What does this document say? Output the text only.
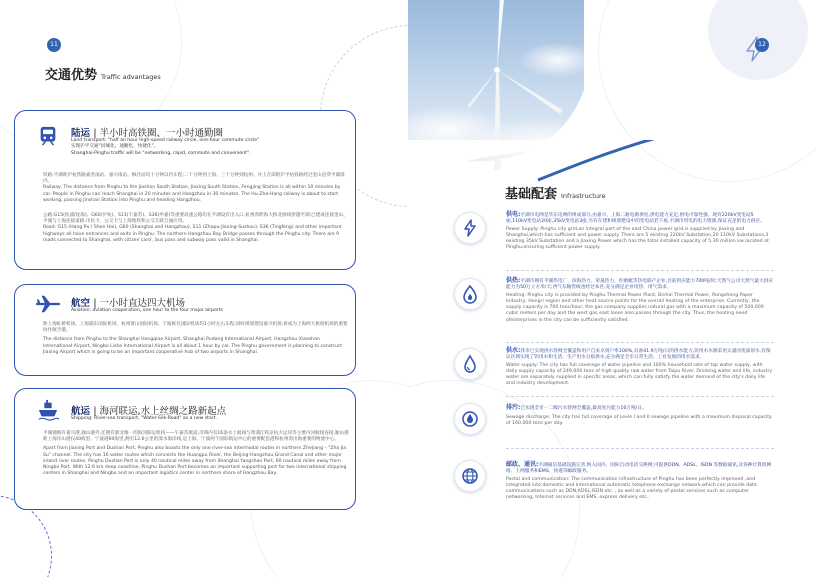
11
交通优势 Traffic advantages
陆运 | 半小时高铁圈、一小时通勤圈
Land transport: "half an hour high-speed railway circle, one-hour commute circle"
实现沪平交通“同城化、通勤化、快捷化”。
Shanghai-Pinghu traffic will be "networking, rapid, commute and convenient".
铁路:平湖距沪杭铁路嘉善南站、嘉兴南站、枫泾站均十分钟以内车程;二十分钟到上海、三十分钟到杭州。并上在即的沪平杭铁路经过金山直穿平湖境内。
Railway: The distance from Pinghu to the Jiashan South Station, Jiaxing South Station, Fengjing Station is all within 10 minutes by car. People in Pinghu can reach Shanghai in 20 minutes and Hangzhou in 30 minutes. The Hu-Zha-Hang railway is about to start working, passing Jinshan Station into Pinghu and heading Hangzhou.
公路:G15(杭浦/沈海)、G60(沪杭)、S11(乍嘉苏)、S36(申嘉)等重要高速公路均在平湖设有出入口,杭州湾跨海大桥北接线穿越平湖;已建成连接金山、平湖与上海连接道路:市民卡、公交卡与上海地铁和公交互联互通应用。
Road: G15 (Hang Pu / Shen Hai), G60 (Shanghai and Hangzhou), S11 (Zhapu-Jiaxing-Suzhou), S36 (Tingfeng) and other important highways all have entrances and exits in Pinghu. The northern Hangzhou Bay Bridge passes through the Pinghu city. There are 9 roads connected to Shanghai, with citizen card , bus pass and subway pass valid in Shanghai.
航空 | 一小时直达四大机场
Aviation: aviation cooperation, one hour to the four major airports
距上海虹桥机场、上海浦东国际机场、杭州萧山国际机场、宁波栎社国际机场均1小时左右车程;同时规划建设嘉兴机场,将成为上海两大枢纽机场的重要协作航空港。
The distance from Pinghu to the Shanghai Hongqiao Airport, Shanghai Pudong International Airport, Hangzhou Xiaoshan International Airport, Ningbo Lishe International Airport is all about 1 hour by car. The Pinghu government is planning to construct Jiaxing Airport which is going to be an important cooperative hub of two airports in Shanghai.
航运 | 海河联运,水上丝绸之路新起点
Shipping: River-sea transport, "Water-Silk-Road" as a new start.
平湖独拥有嘉兴港,独山港外,还拥有浙北唯一的海河联运机构——乍嘉苏航道,市域内有16条水上航线与黄浦江和京杭大运河等主要内河航线连接,独山港距上海洋山港仅40海里、宁波港60海里,拥有12.6公里的深水海岸线,是上海、宁波两个国际航运中心的重要配套港和杭州湾出海重要的物流中心。
Apart from Jiaxing Port and Dushan Port, Pinghu also boasts the only one river-sea intermodal routes in northern Zhejiang – "Zha Jia Su" channel. The city has 16 water routes which connects the Huangpu River, the Beijing-Hangzhou Grand Canal and other major inland river routes. Pinghu Dushan Port is only 40 nautical miles away from Shanghai Yangshan Port, 60 nautical miles away from Ningbo Port. With 12.6 km deep coastline, Pinghu Dushan Port becomes an important supporting port for two international shipping centers in Shanghai and Ningbo and an important logistics center in northern shore of Hangzhou Bay.
12
基础配套 Infrastructure
供电:平湖市电网是华东电网的组成部分,由嘉兴、上海二路电源供电,供电能力充足,供电可靠性强。现有220kV变电站5座,110kV变电站20座,35kV变电站3座,另有在建和规划建设中的变电站若干座,平湖市用电的电力资源,保证充足的电力供应。
Power Supply: Pinghu city grid,an integral part of the east China power grid,is supplied by Jiaxing and Shanghai,which has sufficient and power supply. There are 5 existing 220kV Substation,20 110kV Substations,3 existing 35kV Substation and a Jiaxing Power which has the total installed capacity of 5.30 million kw located at Pinghu,ensuring sufficient power supply.
供热:平湖市拥有平湖热电厂、滨海热力、荣晟热力、红蜻蜓等热电联产企业,目前供应能力700吨/时;天然气公司天然气最大供应能力为50万立方米/天;西气东输管线也经过本区,充分满足企业用热、用气需求。
Heating: Pinghu city is provided by Pinghu Thermal Power Plant, Binhai Thermal Power, Rongsheng Paper Industry, Hongri region and other heat source points for the overall heating of the enterprise. Currently, the supply capacity is 700 tons/hour, the gas company supplies natural gas with a maximum capacity of 500,000 cubic meters per day and the west gas east loose also passes through the city. Thus, the heating need ofenterprises in the city can be sufficiently satisfied.
供水:我市已实现供水管网全覆盖和用户自来水到户率100%,具备41.9万吨/日的供水能力,饮用水水源采用太浦河优质原水,有保证区域实现了饮用水和生活、生产用水分质供水,充分满足全市日常生活、工业发展的用水需求。
Water supply: The city has full coverage of water pipeline and 100% household rate of tap water supply, with daily supply capacity of 249,000 tons of high quality raw water from Taipu River. Drinking water and life, industry water are separately supplied in specific areas, which can fully satisfy the water demand of the city's daily life and industry development.
排污:已实现全市一二级污水管网全覆盖,最高处污能力16万吨/日。
Sewage discharge: The city has full coverage of Levle I and II sewage pipeline with a maximum disposal capacity of 160,000 tons per day.
邮政、通讯:平湖通信基础设施完善,纳入国内、国际自动电话交换网;可提供DDN、ADSL、ISDN 等数据通讯,及各种计算机网络、上网服务和EMS、快递等邮政服务。
Postal and communication: The communication infrastructure of Pinghu has been perfectly improved ,and integrated into domestic and international automatic telephone exchange network,which can provide data communications such as DDN,ADSL,ISDN etc. , as well as a variety of postal services such as computer networking, Internet services and EMS, express delivery etc..
